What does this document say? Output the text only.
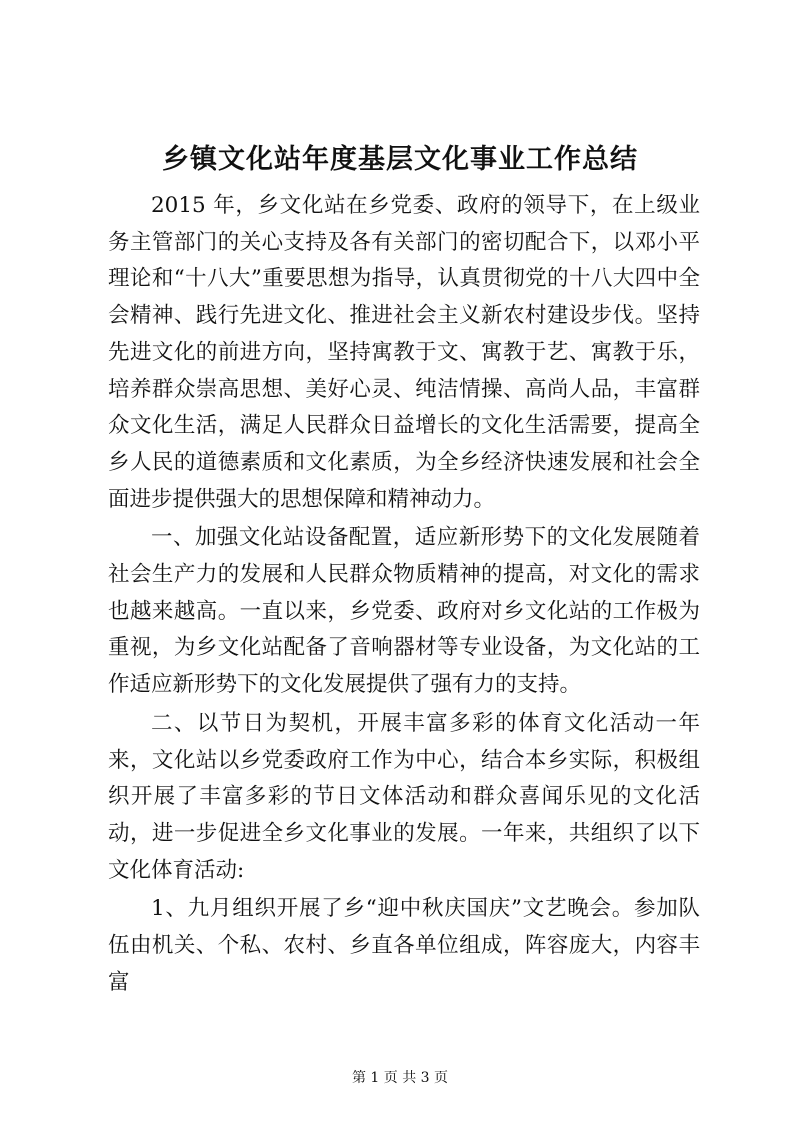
乡镇文化站年度基层文化事业工作总结

2015 年，乡文化站在乡党委、政府的领导下，在上级业务主管部门的关心支持及各有关部门的密切配合下，以邓小平理论和“十八大”重要思想为指导，认真贯彻党的十八大四中全会精神、践行先进文化、推进社会主义新农村建设步伐。坚持先进文化的前进方向，坚持寓教于文、寓教于艺、寓教于乐，培养群众崇高思想、美好心灵、纯洁情操、高尚人品，丰富群众文化生活，满足人民群众日益增长的文化生活需要，提高全乡人民的道德素质和文化素质，为全乡经济快速发展和社会全面进步提供强大的思想保障和精神动力。

一、加强文化站设备配置，适应新形势下的文化发展随着社会生产力的发展和人民群众物质精神的提高，对文化的需求也越来越高。一直以来，乡党委、政府对乡文化站的工作极为重视，为乡文化站配备了音响器材等专业设备，为文化站的工作适应新形势下的文化发展提供了强有力的支持。

二、以节日为契机，开展丰富多彩的体育文化活动一年来，文化站以乡党委政府工作为中心，结合本乡实际，积极组织开展了丰富多彩的节日文体活动和群众喜闻乐见的文化活动，进一步促进全乡文化事业的发展。一年来，共组织了以下文化体育活动:

1、九月组织开展了乡“迎中秋庆国庆”文艺晚会。参加队伍由机关、个私、农村、乡直各单位组成，阵容庞大，内容丰富

第 1 页 共 3 页
